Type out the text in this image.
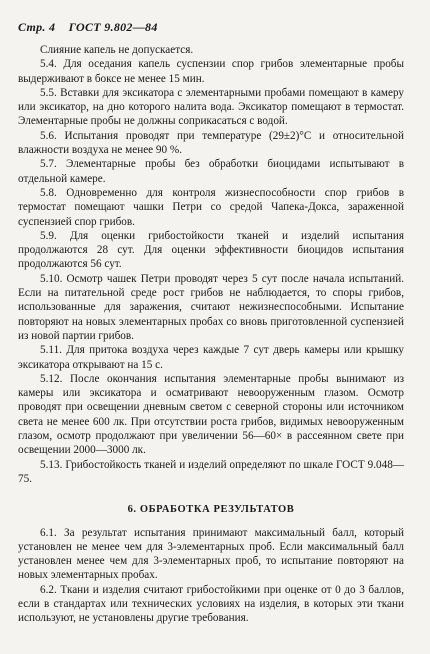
Стр. 4 ГОСТ 9.802—84

Слияние капель не допускается.

5.4. Для оседания капель суспензии спор грибов элементарные пробы выдерживают в боксе не менее 15 мин.

5.5. Вставки для эксикатора с элементарными пробами помещают в камеру или эксикатор, на дно которого налита вода. Эксикатор помещают в термостат. Элементарные пробы не должны соприкасаться с водой.

5.6. Испытания проводят при температуре (29±2)°С и относительной влажности воздуха не менее 90 %.

5.7. Элементарные пробы без обработки биоцидами испытывают в отдельной камере.

5.8. Одновременно для контроля жизнеспособности спор грибов в термостат помещают чашки Петри со средой Чапека-Докса, зараженной суспензией спор грибов.

5.9. Для оценки грибостойкости тканей и изделий испытания продолжаются 28 сут. Для оценки эффективности биоцидов испытания продолжаются 56 сут.

5.10. Осмотр чашек Петри проводят через 5 сут после начала испытаний. Если на питательной среде рост грибов не наблюдается, то споры грибов, использованные для заражения, считают нежизнеспособными. Испытание повторяют на новых элементарных пробах со вновь приготовленной суспензией из новой партии грибов.

5.11. Для притока воздуха через каждые 7 сут дверь камеры или крышку эксикатора открывают на 15 с.

5.12. После окончания испытания элементарные пробы вынимают из камеры или эксикатора и осматривают невооруженным глазом. Осмотр проводят при освещении дневным светом с северной стороны или источником света не менее 600 лк. При отсутствии роста грибов, видимых невооруженным глазом, осмотр продолжают при увеличении 56—60× в рассеянном свете при освещении 2000—3000 лк.

5.13. Грибостойкость тканей и изделий определяют по шкале ГОСТ 9.048—75.

6. ОБРАБОТКА РЕЗУЛЬТАТОВ

6.1. За результат испытания принимают максимальный балл, который установлен не менее чем для 3-элементарных проб. Если максимальный балл установлен менее чем для 3-элементарных проб, то испытание повторяют на новых элементарных пробах.

6.2. Ткани и изделия считают грибостойкими при оценке от 0 до 3 баллов, если в стандартах или технических условиях на изделия, в которых эти ткани используют, не установлены другие требования.
